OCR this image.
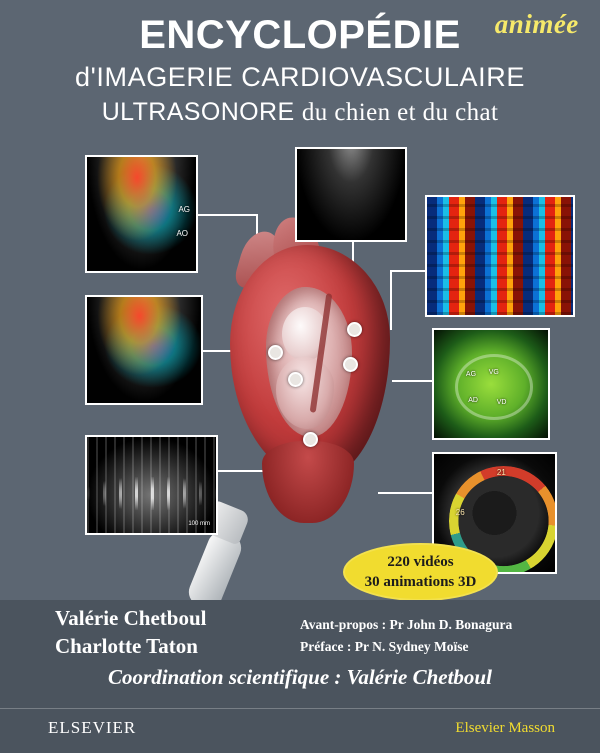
ENCYCLOPÉDIE animée
d'IMAGERIE CARDIOVASCULAIRE
ULTRASONORE du chien et du chat
AG
AO
AG VG
AD	VD
100 mm
21
26
220 vidéos
30 animations 3D
Valérie Chetboul
Charlotte Taton
Avant-propos : Pr John D. Bonagura
Préface : Pr N. Sydney Moïse
Coordination scientifique : Valérie Chetboul
ELSEVIER	Elsevier Masson
